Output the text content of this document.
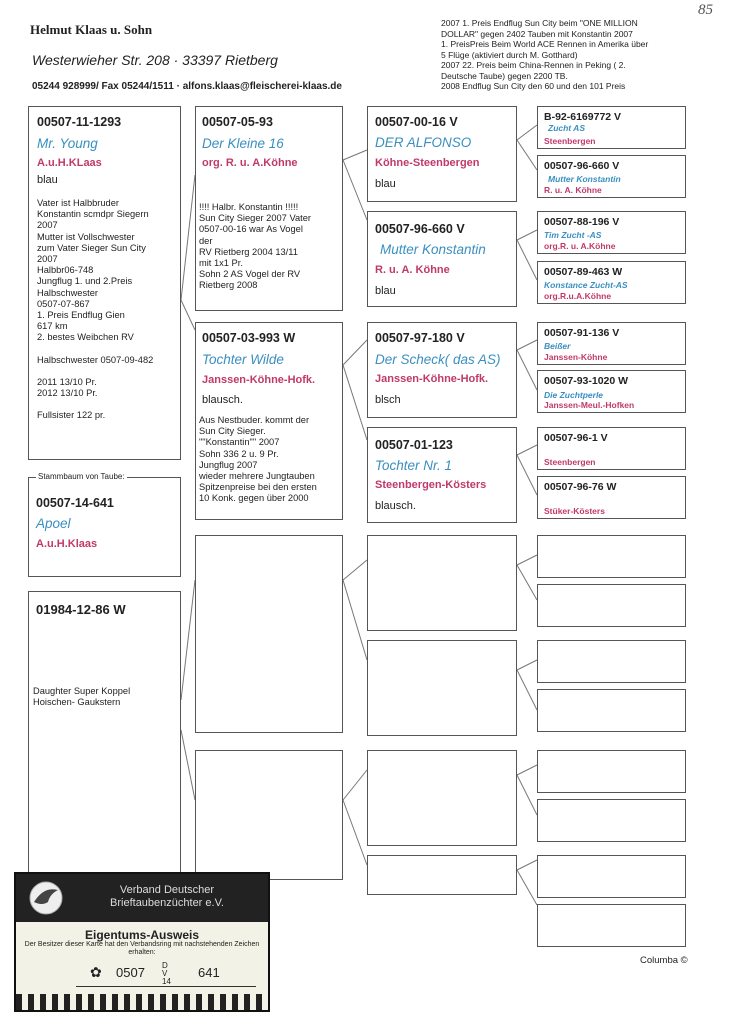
85
Helmut Klaas u. Sohn
Westerwieher Str. 208 · 33397 Rietberg
05244 928999/ Fax 05244/1511 · alfons.klaas@fleischerei-klaas.de
2007 1. Preis Endflug Sun City beim "ONE MILLION
DOLLAR" gegen 2402 Tauben mit Konstantin 2007
1. PreisPreis Beim World ACE Rennen in Amerika über
5 Flüge (aktiviert durch M. Gotthard)
2007 22. Preis beim China-Rennen in Peking ( 2.
Deutsche Taube) gegen 2200 TB.
2008 Endflug Sun City den 60 und den 101 Preis
00507-11-1293
Mr. Young
A.u.H.KLaas
blau
Vater ist Halbbruder
Konstantin scmdpr Siegern
2007
Mutter ist Vollschwester
zum Vater Sieger Sun City
2007
Halbbr06-748
Jungflug 1. und 2.Preis
Halbschwester
0507-07-867
1. Preis Endflug Gien
617 km
2. bestes Weibchen RV
Halbschwester 0507-09-482
2011 13/10 Pr.
2012 13/10 Pr.
Fullsister 122 pr.
00507-14-641
Apoel
A.u.H.Klaas
Stammbaum von Taube:
01984-12-86 W
Daughter Super Koppel
Hoischen- Gaukstern
00507-05-93
Der Kleine 16
org. R. u. A.Köhne
!!!! Halbr. Konstantin !!!!!
Sun City Sieger 2007 Vater
0507-00-16 war As Vogel
der
RV Rietberg 2004 13/11
mit 1x1 Pr.
Sohn 2 AS Vogel der RV
Rietberg 2008
00507-03-993 W
Tochter Wilde
Janssen-Köhne-Hofk.
blausch.
Aus Nestbuder. kommt der
Sun City Sieger.
""Konstantin"" 2007
Sohn 336 2 u. 9 Pr.
Jungflug 2007
wieder mehrere Jungtauben
Spitzenpreise bei den ersten
10 Konk. gegen über 2000
00507-00-16 V
DER ALFONSO
Köhne-Steenbergen
blau
00507-96-660 V
Mutter Konstantin
R. u. A. Köhne
blau
00507-97-180 V
Der Scheck( das AS)
Janssen-Köhne-Hofk.
blsch
00507-01-123
Tochter Nr. 1
Steenbergen-Kösters
blausch.
B-92-6169772 V
Zucht AS
Steenbergen
00507-96-660 V
Mutter Konstantin
R. u. A. Köhne
00507-88-196 V
Tim Zucht -AS
org.R. u. A.Köhne
00507-89-463 W
Konstance Zucht-AS
org.R.u.A.Köhne
00507-91-136 V
Beißer
Janssen-Köhne
00507-93-1020 W
Die Zuchtperle
Janssen-Meul.-Hofken
00507-96-1 V
Steenbergen
00507-96-76 W
Stüker-Kösters
Columba ©
Verband Deutscher Brieftaubenzüchter e.V.
Eigentums-Ausweis
Der Besitzer dieser Karte hat den Verbandsring mit nachstehenden Zeichen erhalten:
✿ 0507 DV 14
641
